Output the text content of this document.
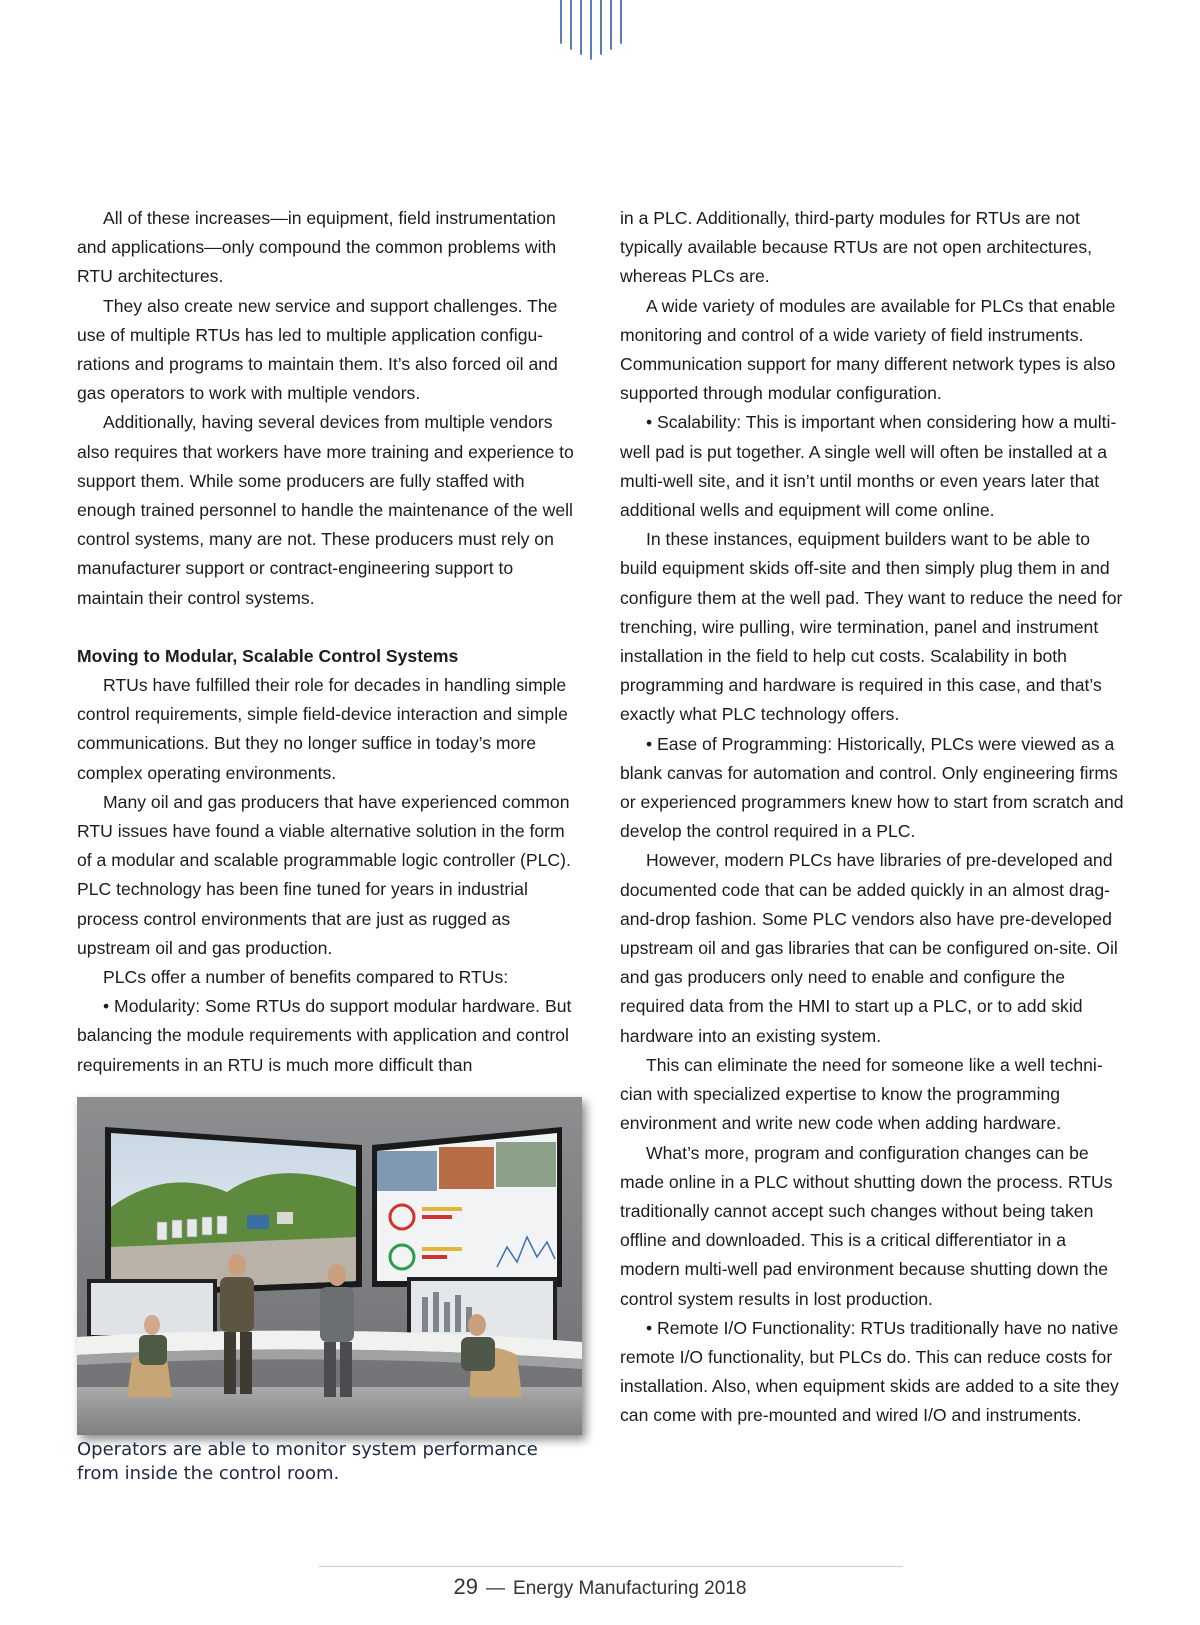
All of these increases—in equipment, field instrumentation and applications—only compound the common problems with RTU architectures.

They also create new service and support challenges. The use of multiple RTUs has led to multiple application configurations and programs to maintain them. It’s also forced oil and gas operators to work with multiple vendors.

Additionally, having several devices from multiple vendors also requires that workers have more training and experience to support them. While some producers are fully staffed with enough trained personnel to handle the maintenance of the well control systems, many are not. These producers must rely on manufacturer support or contract-engineering support to maintain their control systems.

Moving to Modular, Scalable Control Systems

RTUs have fulfilled their role for decades in handling simple control requirements, simple field-device interaction and simple communications. But they no longer suffice in today’s more complex operating environments.

Many oil and gas producers that have experienced common RTU issues have found a viable alternative solution in the form of a modular and scalable programmable logic controller (PLC). PLC technology has been fine tuned for years in industrial process control environments that are just as rugged as upstream oil and gas production.

PLCs offer a number of benefits compared to RTUs:

• Modularity: Some RTUs do support modular hardware. But balancing the module requirements with application and control requirements in an RTU is much more difficult than

Operators are able to monitor system performance from inside the control room.

in a PLC. Additionally, third-party modules for RTUs are not typically available because RTUs are not open architectures, whereas PLCs are.

A wide variety of modules are available for PLCs that enable monitoring and control of a wide variety of field instruments. Communication support for many different network types is also supported through modular configuration.

• Scalability: This is important when considering how a multi-well pad is put together. A single well will often be installed at a multi-well site, and it isn’t until months or even years later that additional wells and equipment will come online.

In these instances, equipment builders want to be able to build equipment skids off-site and then simply plug them in and configure them at the well pad. They want to reduce the need for trenching, wire pulling, wire termination, panel and instrument installation in the field to help cut costs. Scalability in both programming and hardware is required in this case, and that’s exactly what PLC technology offers.

• Ease of Programming: Historically, PLCs were viewed as a blank canvas for automation and control. Only engineering firms or experienced programmers knew how to start from scratch and develop the control required in a PLC.

However, modern PLCs have libraries of pre-developed and documented code that can be added quickly in an almost drag-and-drop fashion. Some PLC vendors also have pre-developed upstream oil and gas libraries that can be configured on-site. Oil and gas producers only need to enable and configure the required data from the HMI to start up a PLC, or to add skid hardware into an existing system.

This can eliminate the need for someone like a well technician with specialized expertise to know the programming environment and write new code when adding hardware.

What’s more, program and configuration changes can be made online in a PLC without shutting down the process. RTUs traditionally cannot accept such changes without being taken offline and downloaded. This is a critical differentiator in a modern multi-well pad environment because shutting down the control system results in lost production.

• Remote I/O Functionality: RTUs traditionally have no native remote I/O functionality, but PLCs do. This can reduce costs for installation. Also, when equipment skids are added to a site they can come with pre-mounted and wired I/O and instruments.

29 — Energy Manufacturing 2018
